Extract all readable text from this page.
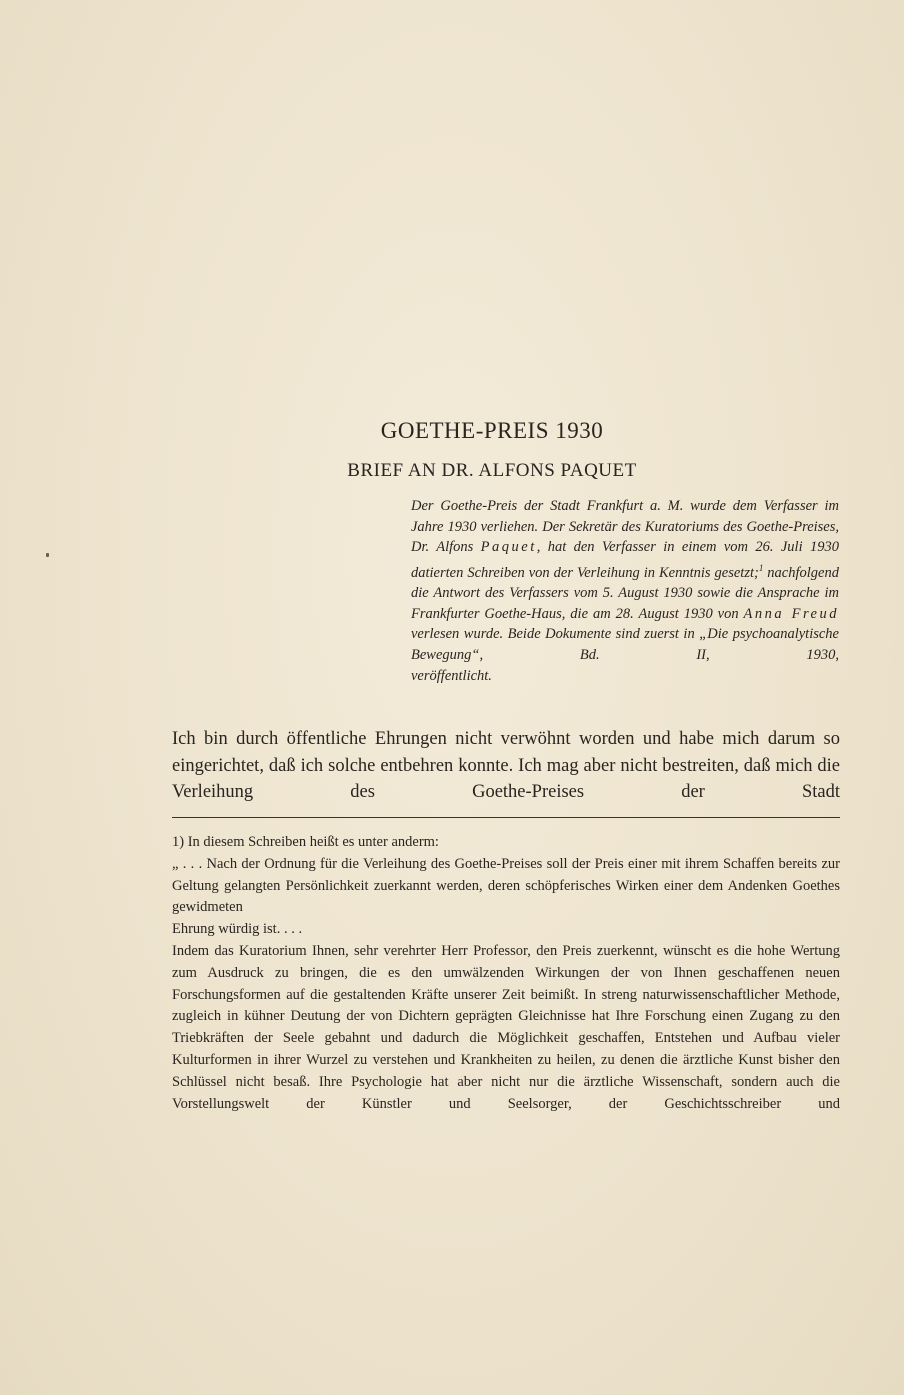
GOETHE-PREIS 1930
BRIEF AN DR. ALFONS PAQUET
Der Goethe-Preis der Stadt Frankfurt a. M. wurde dem Verfasser im Jahre 1930 verliehen. Der Sekretär des Kuratoriums des Goethe-Preises, Dr. Alfons Paquet, hat den Verfasser in einem vom 26. Juli 1930 datierten Schreiben von der Verleihung in Kenntnis gesetzt;$^1$ nachfolgend die Antwort des Verfassers vom 5. August 1930 sowie die Ansprache im Frankfurter Goethe-Haus, die am 28. August 1930 von Anna Freud verlesen wurde. Beide Dokumente sind zuerst in „Die psychoanalytische Bewegung“, Bd. II, 1930,
veröffentlicht.
Ich bin durch öffentliche Ehrungen nicht verwöhnt worden und habe mich darum so eingerichtet, daß ich solche entbehren konnte. Ich mag aber nicht bestreiten, daß mich die Verleihung des Goethe-Preises der Stadt

1) In diesem Schreiben heißt es unter anderm:

„ . . . Nach der Ordnung für die Verleihung des Goethe-Preises soll der Preis einer mit ihrem Schaffen bereits zur Geltung gelangten Persönlichkeit zuerkannt werden, deren schöpferisches Wirken einer dem Andenken Goethes gewidmeten

Ehrung würdig ist. . . .

Indem das Kuratorium Ihnen, sehr verehrter Herr Professor, den Preis zuerkennt, wünscht es die hohe Wertung zum Ausdruck zu bringen, die es den umwälzenden Wirkungen der von Ihnen geschaffenen neuen Forschungsformen auf die gestaltenden Kräfte unserer Zeit beimißt. In streng naturwissenschaftlicher Methode, zugleich in kühner Deutung der von Dichtern geprägten Gleichnisse hat Ihre Forschung einen Zugang zu den Triebkräften der Seele gebahnt und dadurch die Möglichkeit geschaffen, Entstehen und Aufbau vieler Kulturformen in ihrer Wurzel zu verstehen und Krankheiten zu heilen, zu denen die ärztliche Kunst bisher den Schlüssel nicht besaß. Ihre Psychologie hat aber nicht nur die ärztliche Wissenschaft, sondern auch die Vorstellungswelt der Künstler und Seelsorger, der Geschichtsschreiber und
